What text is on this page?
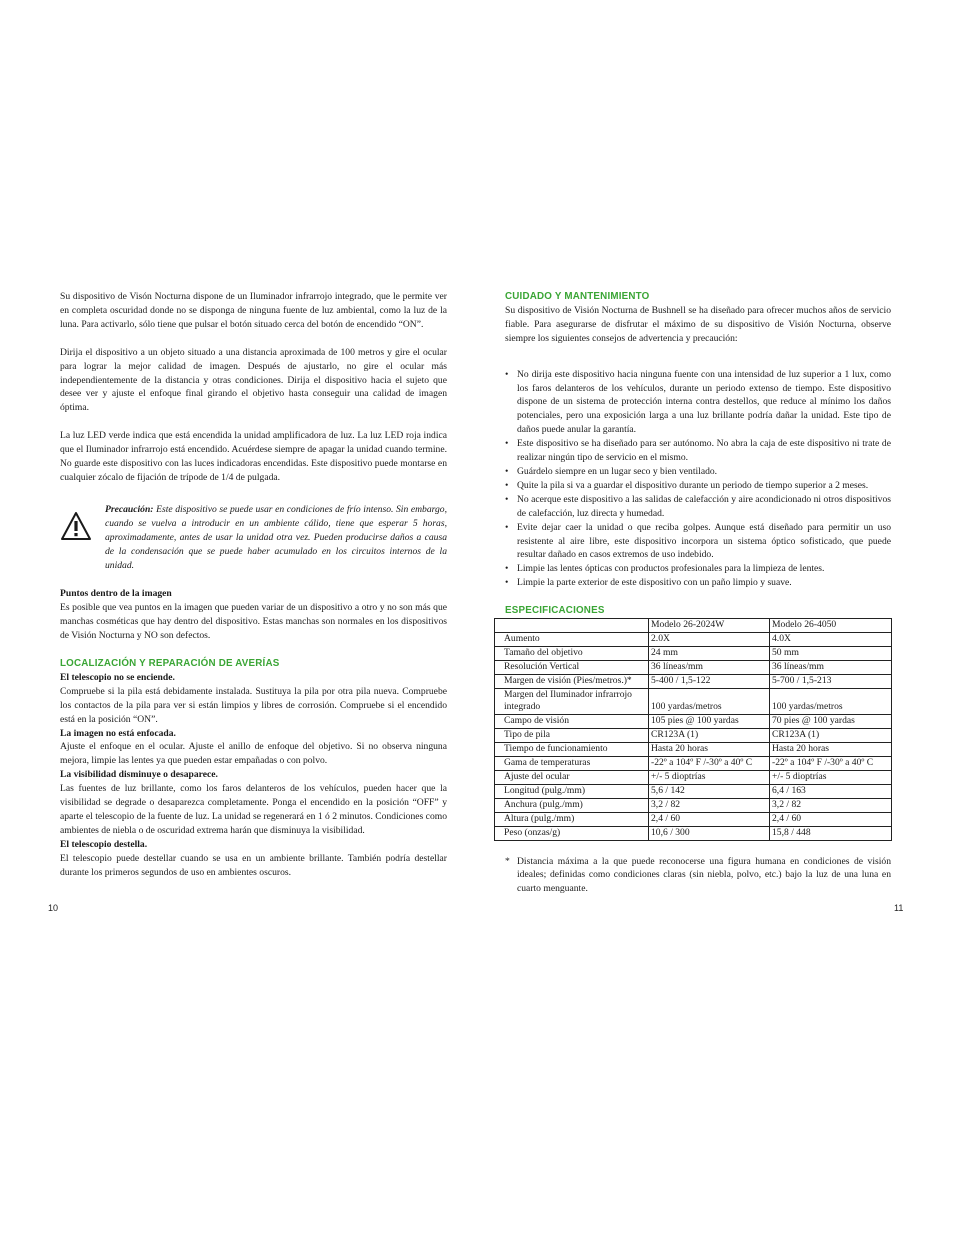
Su dispositivo de Visón Nocturna dispone de un Iluminador infrarrojo integrado, que le permite ver en completa oscuridad donde no se disponga de ninguna fuente de luz ambiental, como la luz de la luna. Para activarlo, sólo tiene que pulsar el botón situado cerca del botón de encendido “ON”.

Dirija el dispositivo a un objeto situado a una distancia aproximada de 100 metros y gire el ocular para lograr la mejor calidad de imagen. Después de ajustarlo, no gire el ocular más independientemente de la distancia y otras condiciones. Dirija el dispositivo hacia el sujeto que desee ver y ajuste el enfoque final girando el objetivo hasta conseguir una calidad de imagen óptima.

La luz LED verde indica que está encendida la unidad amplificadora de luz. La luz LED roja indica que el Iluminador infrarrojo está encendido. Acuérdese siempre de apagar la unidad cuando termine. No guarde este dispositivo con las luces indicadoras encendidas. Este dispositivo puede montarse en cualquier zócalo de fijación de trípode de 1/4 de pulgada.

Precaución: Este dispositivo se puede usar en condiciones de frío intenso. Sin embargo, cuando se vuelva a introducir en un ambiente cálido, tiene que esperar 5 horas, aproximadamente, antes de usar la unidad otra vez. Pueden producirse daños a causa de la condensación que se puede haber acumulado en los circuitos internos de la unidad.

Puntos dentro de la imagen

Es posible que vea puntos en la imagen que pueden variar de un dispositivo a otro y no son más que manchas cosméticas que hay dentro del dispositivo. Estas manchas son normales en los dispositivos de Visión Nocturna y NO son defectos.

LOCALIZACIÓN Y REPARACIÓN DE AVERÍAS

El telescopio no se enciende.

Compruebe si la pila está debidamente instalada. Sustituya la pila por otra pila nueva. Compruebe los contactos de la pila para ver si están limpios y libres de corrosión. Compruebe si el encendido está en la posición “ON”.

La imagen no está enfocada.

Ajuste el enfoque en el ocular. Ajuste el anillo de enfoque del objetivo. Si no observa ninguna mejora, limpie las lentes ya que pueden estar empañadas o con polvo.

La visibilidad disminuye o desaparece.

Las fuentes de luz brillante, como los faros delanteros de los vehículos, pueden hacer que la visibilidad se degrade o desaparezca completamente. Ponga el encendido en la posición “OFF” y aparte el telescopio de la fuente de luz. La unidad se regenerará en 1 ó 2 minutos. Condiciones como ambientes de niebla o de oscuridad extrema harán que disminuya la visibilidad.

El telescopio destella.

El telescopio puede destellar cuando se usa en un ambiente brillante. También podría destellar durante los primeros segundos de uso en ambientes oscuros.

10

CUIDADO Y MANTENIMIENTO

Su dispositivo de Visión Nocturna de Bushnell se ha diseñado para ofrecer muchos años de servicio fiable. Para asegurarse de disfrutar el máximo de su dispositivo de Visión Nocturna, observe siempre los siguientes consejos de advertencia y precaución:

• No dirija este dispositivo hacia ninguna fuente con una intensidad de luz superior a 1 lux, como los faros delanteros de los vehículos, durante un periodo extenso de tiempo. Este dispositivo dispone de un sistema de protección interna contra destellos, que reduce al mínimo los daños potenciales, pero una exposición larga a una luz brillante podría dañar la unidad. Este tipo de daños puede anular la garantía.
• Este dispositivo se ha diseñado para ser autónomo. No abra la caja de este dispositivo ni trate de realizar ningún tipo de servicio en el mismo.
• Guárdelo siempre en un lugar seco y bien ventilado.
• Quite la pila si va a guardar el dispositivo durante un periodo de tiempo superior a 2 meses.
• No acerque este dispositivo a las salidas de calefacción y aire acondicionado ni otros dispositivos de calefacción, luz directa y humedad.
• Evite dejar caer la unidad o que reciba golpes. Aunque está diseñado para permitir un uso resistente al aire libre, este dispositivo incorpora un sistema óptico sofisticado, que puede resultar dañado en casos extremos de uso indebido.
• Limpie las lentes ópticas con productos profesionales para la limpieza de lentes.
• Limpie la parte exterior de este dispositivo con un paño limpio y suave.

ESPECIFICACIONES

	Modelo 26-2024W	Modelo 26-4050
Aumento	2.0X	4.0X
Tamaño del objetivo	24 mm	50 mm
Resolución Vertical	36 líneas/mm	36 líneas/mm
Margen de visión (Pies/metros.)*	5-400 / 1,5-122	5-700 / 1,5-213
Margen del Iluminador infrarrojo integrado	100 yardas/metros	100 yardas/metros
Campo de visión	105 pies @ 100 yardas	70 pies @ 100 yardas
Tipo de pila	CR123A (1)	CR123A (1)
Tiempo de funcionamiento	Hasta 20 horas	Hasta 20 horas
Gama de temperaturas	-22º a 104º F /-30º a 40º C	-22º a 104º F /-30º a 40º C
Ajuste del ocular	+/- 5 dioptrías	+/- 5 dioptrías
Longitud (pulg./mm)	5,6 / 142	6,4 / 163
Anchura (pulg./mm)	3,2 / 82	3,2 / 82
Altura (pulg./mm)	2,4 / 60	2,4 / 60
Peso (onzas/g)	10,6 / 300	15,8 / 448
* Distancia máxima a la que puede reconocerse una figura humana en condiciones de visión ideales; definidas como condiciones claras (sin niebla, polvo, etc.) bajo la luz de una luna en cuarto menguante.
11
